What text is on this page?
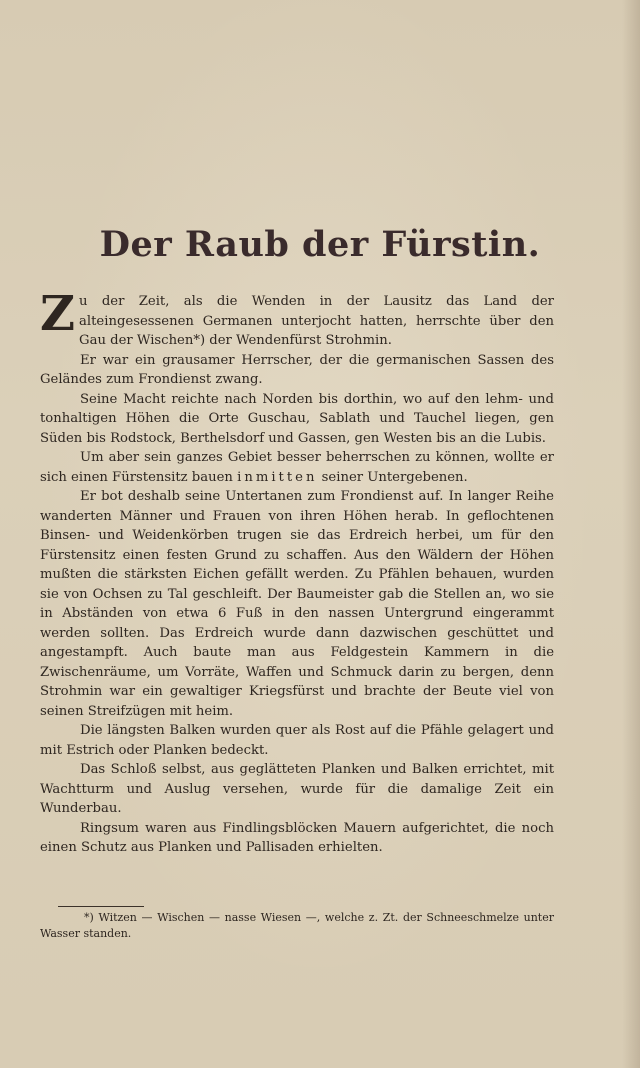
Der Raub der Fürstin.

Zu der Zeit, als die Wenden in der Lausitz das Land der alteingesessenen Germanen unterjocht hatten, herrschte über den Gau der Wischen*) der Wendenfürst Strohmin.

Er war ein grausamer Herrscher, der die germanischen Sassen des Geländes zum Frondienst zwang.

Seine Macht reichte nach Norden bis dorthin, wo auf den lehm- und tonhaltigen Höhen die Orte Guschau, Sablath und Tauchel liegen, gen Süden bis Rodstock, Berthelsdorf und Gassen, gen Westen bis an die Lubis.

Um aber sein ganzes Gebiet besser beherrschen zu können, wollte er sich einen Fürstensitz bauen inmitten seiner Untergebenen.

Er bot deshalb seine Untertanen zum Frondienst auf. In langer Reihe wanderten Männer und Frauen von ihren Höhen herab. In geflochtenen Binsen- und Weidenkörben trugen sie das Erdreich herbei, um für den Fürstensitz einen festen Grund zu schaffen. Aus den Wäldern der Höhen mußten die stärksten Eichen gefällt werden. Zu Pfählen behauen, wurden sie von Ochsen zu Tal geschleift. Der Baumeister gab die Stellen an, wo sie in Abständen von etwa 6 Fuß in den nassen Untergrund eingerammt werden sollten. Das Erdreich wurde dann dazwischen geschüttet und angestampft. Auch baute man aus Feldgestein Kammern in die Zwischenräume, um Vorräte, Waffen und Schmuck darin zu bergen, denn Strohmin war ein gewaltiger Kriegsfürst und brachte der Beute viel von seinen Streifzügen mit heim.

Die längsten Balken wurden quer als Rost auf die Pfähle gelagert und mit Estrich oder Planken bedeckt.

Das Schloß selbst, aus geglätteten Planken und Balken errichtet, mit Wachtturm und Auslug versehen, wurde für die damalige Zeit ein Wunderbau.

Ringsum waren aus Findlingsblöcken Mauern aufgerichtet, die noch einen Schutz aus Planken und Pallisaden erhielten.

*) Witzen — Wischen — nasse Wiesen —, welche z. Zt. der Schneeschmelze unter Wasser standen.
